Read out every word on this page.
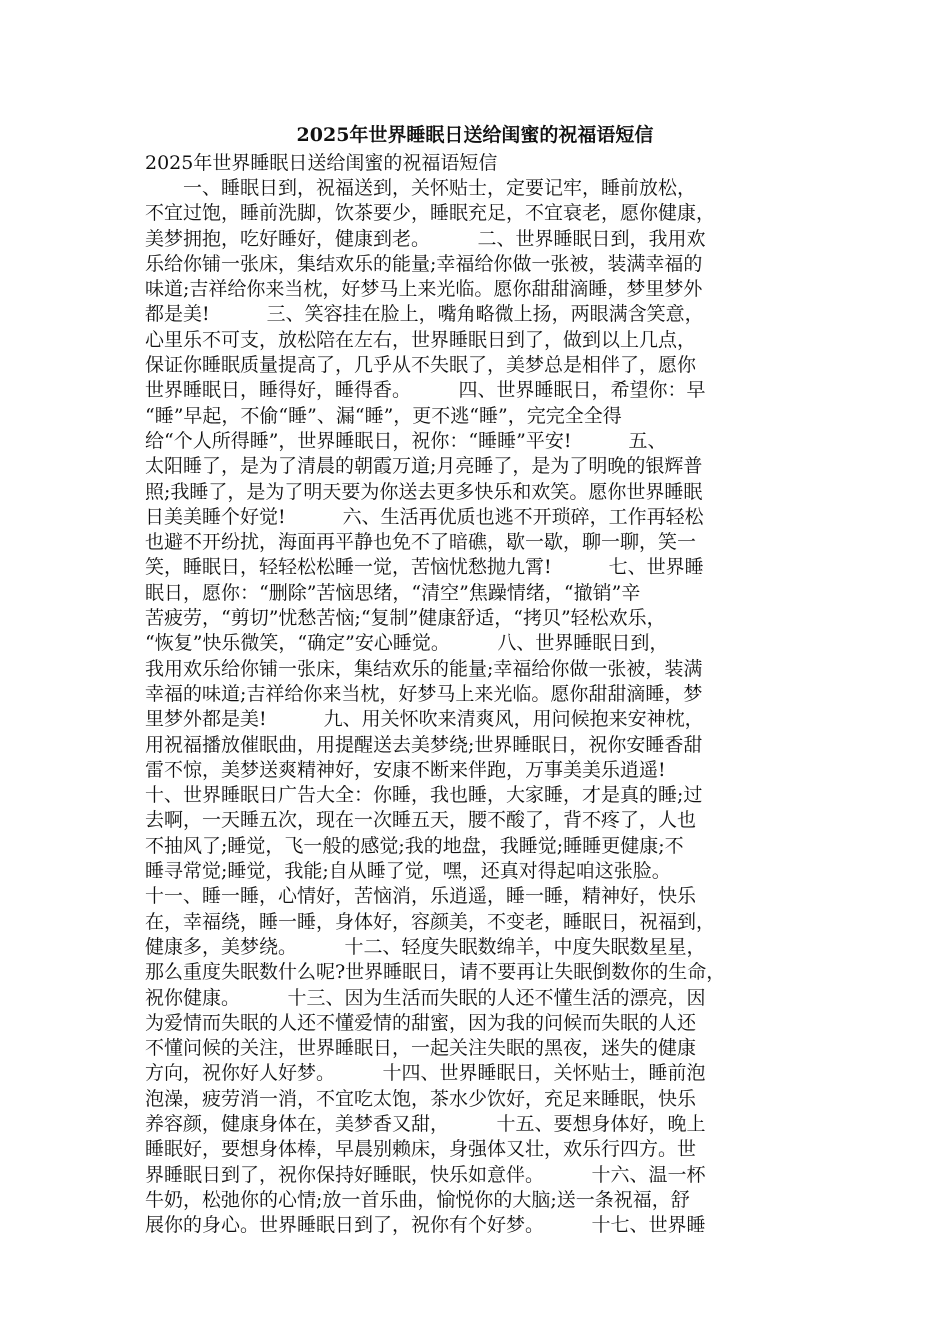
2025年世界睡眠日送给闺蜜的祝福语短信
2025年世界睡眠日送给闺蜜的祝福语短信
　　一、睡眠日到，祝福送到，关怀贴士，定要记牢，睡前放松，
不宜过饱，睡前洗脚，饮茶要少，睡眠充足，不宜衰老，愿你健康，
美梦拥抱，吃好睡好，健康到老。　　　二、世界睡眠日到，我用欢
乐给你铺一张床，集结欢乐的能量;幸福给你做一张被，装满幸福的
味道;吉祥给你来当枕，好梦马上来光临。愿你甜甜滴睡，梦里梦外
都是美!　　　三、笑容挂在脸上，嘴角略微上扬，两眼满含笑意，
心里乐不可支，放松陪在左右，世界睡眠日到了，做到以上几点，
保证你睡眠质量提高了，几乎从不失眠了，美梦总是相伴了，愿你
世界睡眠日，睡得好，睡得香。　　　四、世界睡眠日，希望你：早
“睡”早起，不偷“睡”、漏“睡”，更不逃“睡”，完完全全得
给“个人所得睡”，世界睡眠日，祝你：“睡睡”平安!　　　五、
太阳睡了，是为了清晨的朝霞万道;月亮睡了，是为了明晚的银辉普
照;我睡了，是为了明天要为你送去更多快乐和欢笑。愿你世界睡眠
日美美睡个好觉!　　　六、生活再优质也逃不开琐碎，工作再轻松
也避不开纷扰，海面再平静也免不了暗礁，歇一歇，聊一聊，笑一
笑，睡眠日，轻轻松松睡一觉，苦恼忧愁抛九霄!　　　七、世界睡
眠日，愿你：“删除”苦恼思绪，“清空”焦躁情绪，“撤销”辛
苦疲劳，“剪切”忧愁苦恼;“复制”健康舒适，“拷贝”轻松欢乐，
“恢复”快乐微笑，“确定”安心睡觉。　　　八、世界睡眠日到，
我用欢乐给你铺一张床，集结欢乐的能量;幸福给你做一张被，装满
幸福的味道;吉祥给你来当枕，好梦马上来光临。愿你甜甜滴睡，梦
里梦外都是美!　　　九、用关怀吹来清爽风，用问候抱来安神枕，
用祝福播放催眠曲，用提醒送去美梦绕;世界睡眠日，祝你安睡香甜
雷不惊，美梦送爽精神好，安康不断来伴跑，万事美美乐逍遥!
十、世界睡眠日广告大全：你睡，我也睡，大家睡，才是真的睡;过
去啊，一天睡五次，现在一次睡五天，腰不酸了，背不疼了，人也
不抽风了;睡觉，飞一般的感觉;我的地盘，我睡觉;睡睡更健康;不
睡寻常觉;睡觉，我能;自从睡了觉，嘿，还真对得起咱这张脸。
十一、睡一睡，心情好，苦恼消，乐逍遥，睡一睡，精神好，快乐
在，幸福绕，睡一睡，身体好，容颜美，不变老，睡眠日，祝福到，
健康多，美梦绕。　　　十二、轻度失眠数绵羊，中度失眠数星星，
那么重度失眠数什么呢?世界睡眠日，请不要再让失眠倒数你的生命，
祝你健康。　　　十三、因为生活而失眠的人还不懂生活的漂亮，因
为爱情而失眠的人还不懂爱情的甜蜜，因为我的问候而失眠的人还
不懂问候的关注，世界睡眠日，一起关注失眠的黑夜，迷失的健康
方向，祝你好人好梦。　　　十四、世界睡眠日，关怀贴士，睡前泡
泡澡，疲劳消一消，不宜吃太饱，茶水少饮好，充足来睡眠，快乐
养容颜，健康身体在，美梦香又甜，　　　十五、要想身体好，晚上
睡眠好，要想身体棒，早晨别赖床，身强体又壮，欢乐行四方。世
界睡眠日到了，祝你保持好睡眠，快乐如意伴。　　　十六、温一杯
牛奶，松弛你的心情;放一首乐曲，愉悦你的大脑;送一条祝福，舒
展你的身心。世界睡眠日到了，祝你有个好梦。　　　十七、世界睡
